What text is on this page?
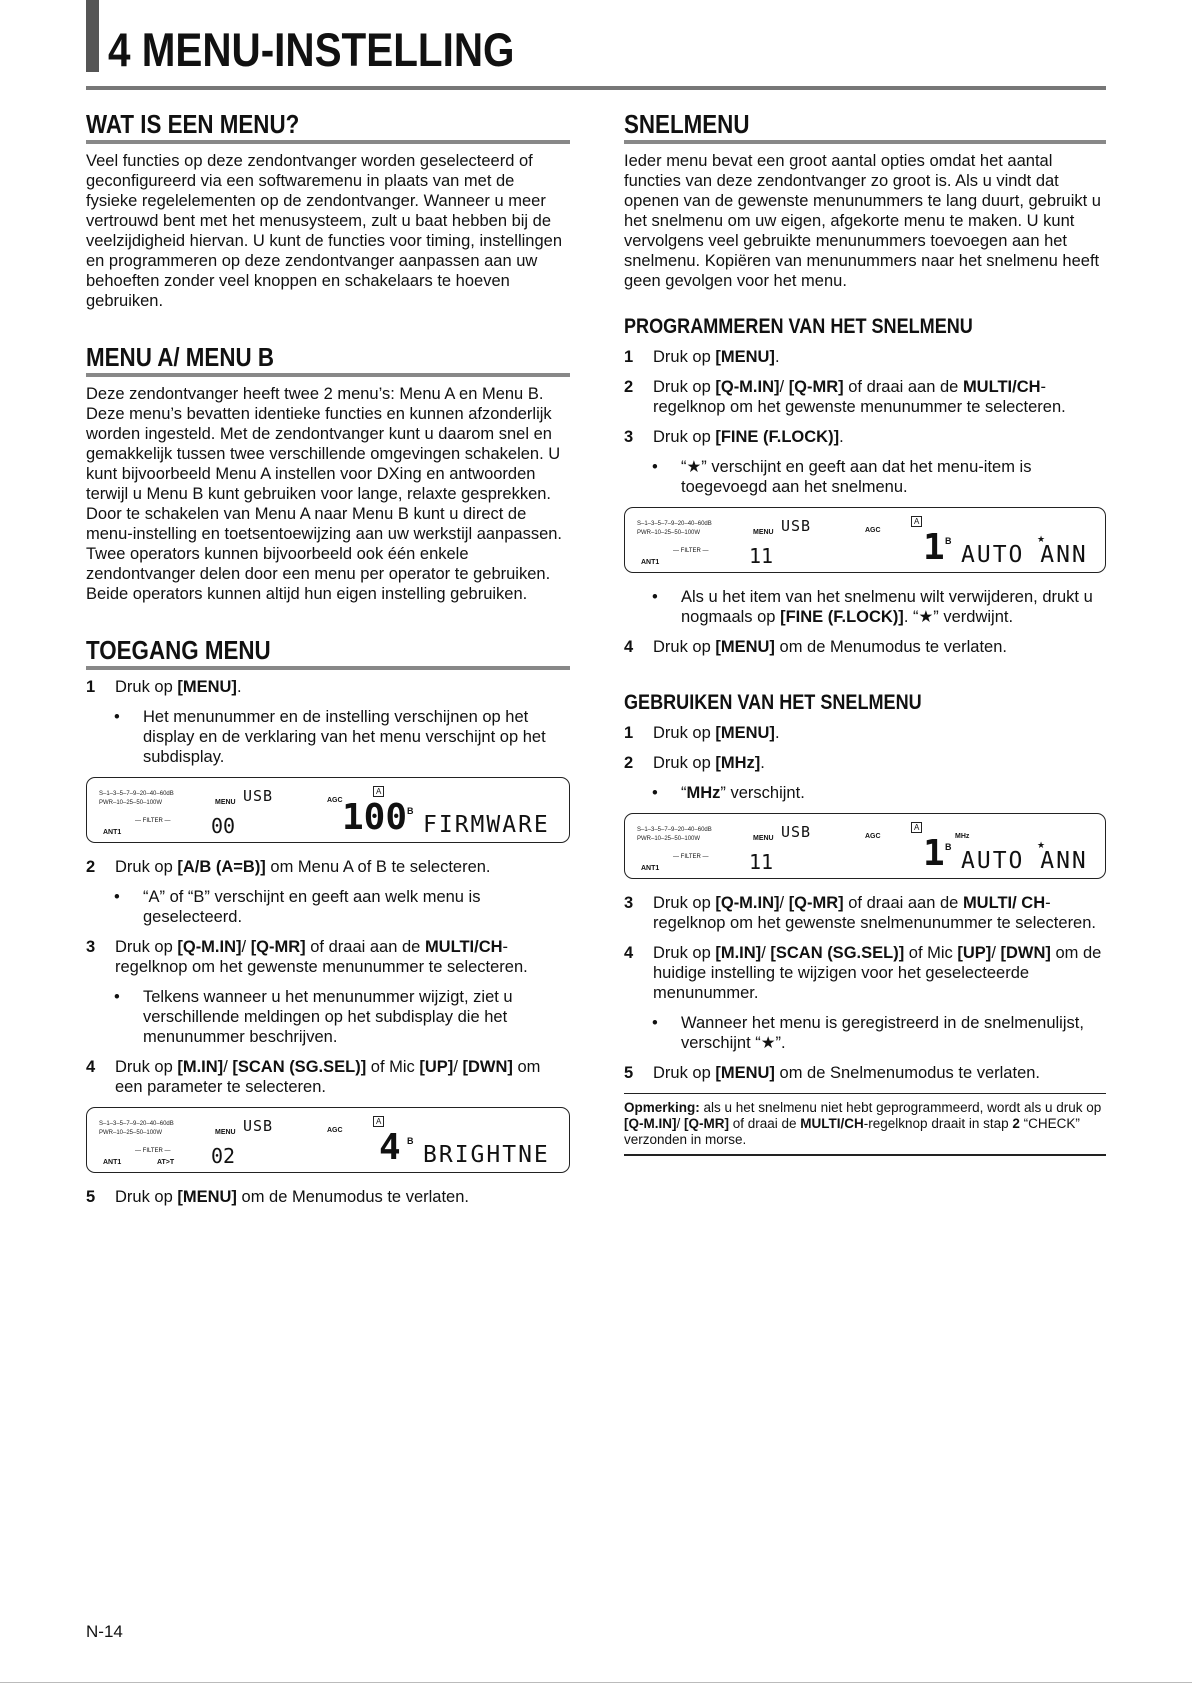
4 MENU-INSTELLING
WAT IS EEN MENU?

Veel functies op deze zendontvanger worden geselecteerd of geconfigureerd via een softwaremenu in plaats van met de fysieke regelelementen op de zendontvanger. Wanneer u meer vertrouwd bent met het menusysteem, zult u baat hebben bij de veelzijdigheid hiervan. U kunt de functies voor timing, instellingen en programmeren op deze zendontvanger aanpassen aan uw behoeften zonder veel knoppen en schakelaars te hoeven gebruiken.

MENU A/ MENU B

Deze zendontvanger heeft twee 2 menu’s: Menu A en Menu B. Deze menu’s bevatten identieke functies en kunnen afzonderlijk worden ingesteld. Met de zendontvanger kunt u daarom snel en gemakkelijk tussen twee verschillende omgevingen schakelen. U kunt bijvoorbeeld Menu A instellen voor DXing en antwoorden terwijl u Menu B kunt gebruiken voor lange, relaxte gesprekken. Door te schakelen van Menu A naar Menu B kunt u direct de menu-instelling en toetsentoewijzing aan uw werkstijl aanpassen. Twee operators kunnen bijvoorbeeld ook één enkele zendontvanger delen door een menu per operator te gebruiken. Beide operators kunnen altijd hun eigen instelling gebruiken.

TOEGANG MENU
1 Druk op [MENU].
• Het menunummer en de instelling verschijnen op het display en de verklaring van het menu verschijnt op het subdisplay.
S–1–3–5–7–9–20–40–60dB
PWR–10–25–50–100W	MENU USB	AGC
A
— FILTER — 00
ANT1	100 B
FIRMWARE
2 Druk op [A/B (A=B)] om Menu A of B te selecteren.
• “A” of “B” verschijnt en geeft aan welk menu is geselecteerd.
3 Druk op [Q-M.IN]/ [Q-MR] of draai aan de MULTI/CH-regelknop om het gewenste menunummer te selecteren.
• Telkens wanneer u het menunummer wijzigt, ziet u verschillende meldingen op het subdisplay die het menunummer beschrijven.
4 Druk op [M.IN]/ [SCAN (SG.SEL)] of Mic [UP]/ [DWN] om een parameter te selecteren.
S–1–3–5–7–9–20–40–60dB
PWR–10–25–50–100W	MENU USB	AGC
A
— FILTER — 02
ANT1	AT>T	4 B
BRIGHTNE
5 Druk op [MENU] om de Menumodus te verlaten.
SNELMENU

Ieder menu bevat een groot aantal opties omdat het aantal functies van deze zendontvanger zo groot is. Als u vindt dat openen van de gewenste menunummers te lang duurt, gebruikt u het snelmenu om uw eigen, afgekorte menu te maken. U kunt vervolgens veel gebruikte menunummers toevoegen aan het snelmenu. Kopiëren van menunummers naar het snelmenu heeft geen gevolgen voor het menu.

PROGRAMMEREN VAN HET SNELMENU
1 Druk op [MENU].
2 Druk op [Q-M.IN]/ [Q-MR] of draai aan de MULTI/CH-regelknop om het gewenste menunummer te selecteren.
3 Druk op [FINE (F.LOCK)].
• “★” verschijnt en geeft aan dat het menu-item is toegevoegd aan het snelmenu.
S–1–3–5–7–9–20–40–60dB
PWR–10–25–50–100W	MENU USB	AGC
A
— FILTER — 11
ANT1	1 B	★
AUTO ANN
• Als u het item van het snelmenu wilt verwijderen, drukt u nogmaals op [FINE (F.LOCK)]. “★” verdwijnt.
4 Druk op [MENU] om de Menumodus te verlaten.
GEBRUIKEN VAN HET SNELMENU
1 Druk op [MENU].
2 Druk op [MHz].
• “MHz” verschijnt.
S–1–3–5–7–9–20–40–60dB
PWR–10–25–50–100W	MENU USB	AGC
A
MHz
— FILTER — 11
ANT1	1 B	★
AUTO ANN
3 Druk op [Q-M.IN]/ [Q-MR] of draai aan de MULTI/ CH-regelknop om het gewenste snelmenunummer te selecteren.
4 Druk op [M.IN]/ [SCAN (SG.SEL)] of Mic [UP]/ [DWN] om de huidige instelling te wijzigen voor het geselecteerde menunummer.
• Wanneer het menu is geregistreerd in de snelmenulijst, verschijnt “★”.
5 Druk op [MENU] om de Snelmenumodus te verlaten.
Opmerking: als u het snelmenu niet hebt geprogrammeerd, wordt als u druk op [Q-M.IN]/ [Q-MR] of draai de MULTI/CH-regelknop draait in stap 2 “CHECK” verzonden in morse.
N-14
